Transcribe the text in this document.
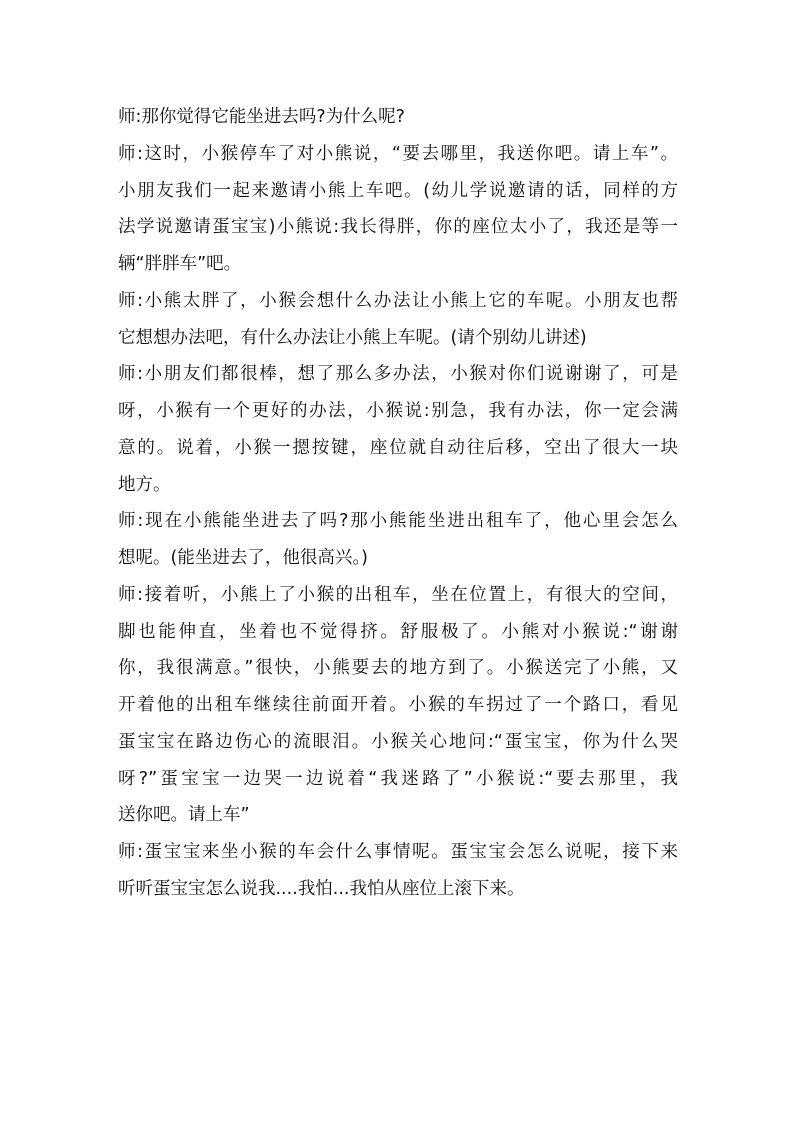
师:那你觉得它能坐进去吗?为什么呢?
师:这时，小猴停车了对小熊说，“要去哪里，我送你吧。请上车”。
小朋友我们一起来邀请小熊上车吧。(幼儿学说邀请的话，同样的方
法学说邀请蛋宝宝)小熊说:我长得胖，你的座位太小了，我还是等一
辆“胖胖车”吧。
师:小熊太胖了，小猴会想什么办法让小熊上它的车呢。小朋友也帮
它想想办法吧，有什么办法让小熊上车呢。(请个别幼儿讲述)
师:小朋友们都很棒，想了那么多办法，小猴对你们说谢谢了，可是
呀，小猴有一个更好的办法，小猴说:别急，我有办法，你一定会满
意的。说着，小猴一摁按键，座位就自动往后移，空出了很大一块
地方。
师:现在小熊能坐进去了吗?那小熊能坐进出租车了，他心里会怎么
想呢。(能坐进去了，他很高兴。)
师:接着听，小熊上了小猴的出租车，坐在位置上，有很大的空间，
脚也能伸直，坐着也不觉得挤。舒服极了。小熊对小猴说:“谢谢
你，我很满意。”很快，小熊要去的地方到了。小猴送完了小熊，又
开着他的出租车继续往前面开着。小猴的车拐过了一个路口，看见
蛋宝宝在路边伤心的流眼泪。小猴关心地问:“蛋宝宝，你为什么哭
呀?”蛋宝宝一边哭一边说着“我迷路了”小猴说:“要去那里，我
送你吧。请上车”
师:蛋宝宝来坐小猴的车会什么事情呢。蛋宝宝会怎么说呢，接下来
听听蛋宝宝怎么说我....我怕...我怕从座位上滚下来。
